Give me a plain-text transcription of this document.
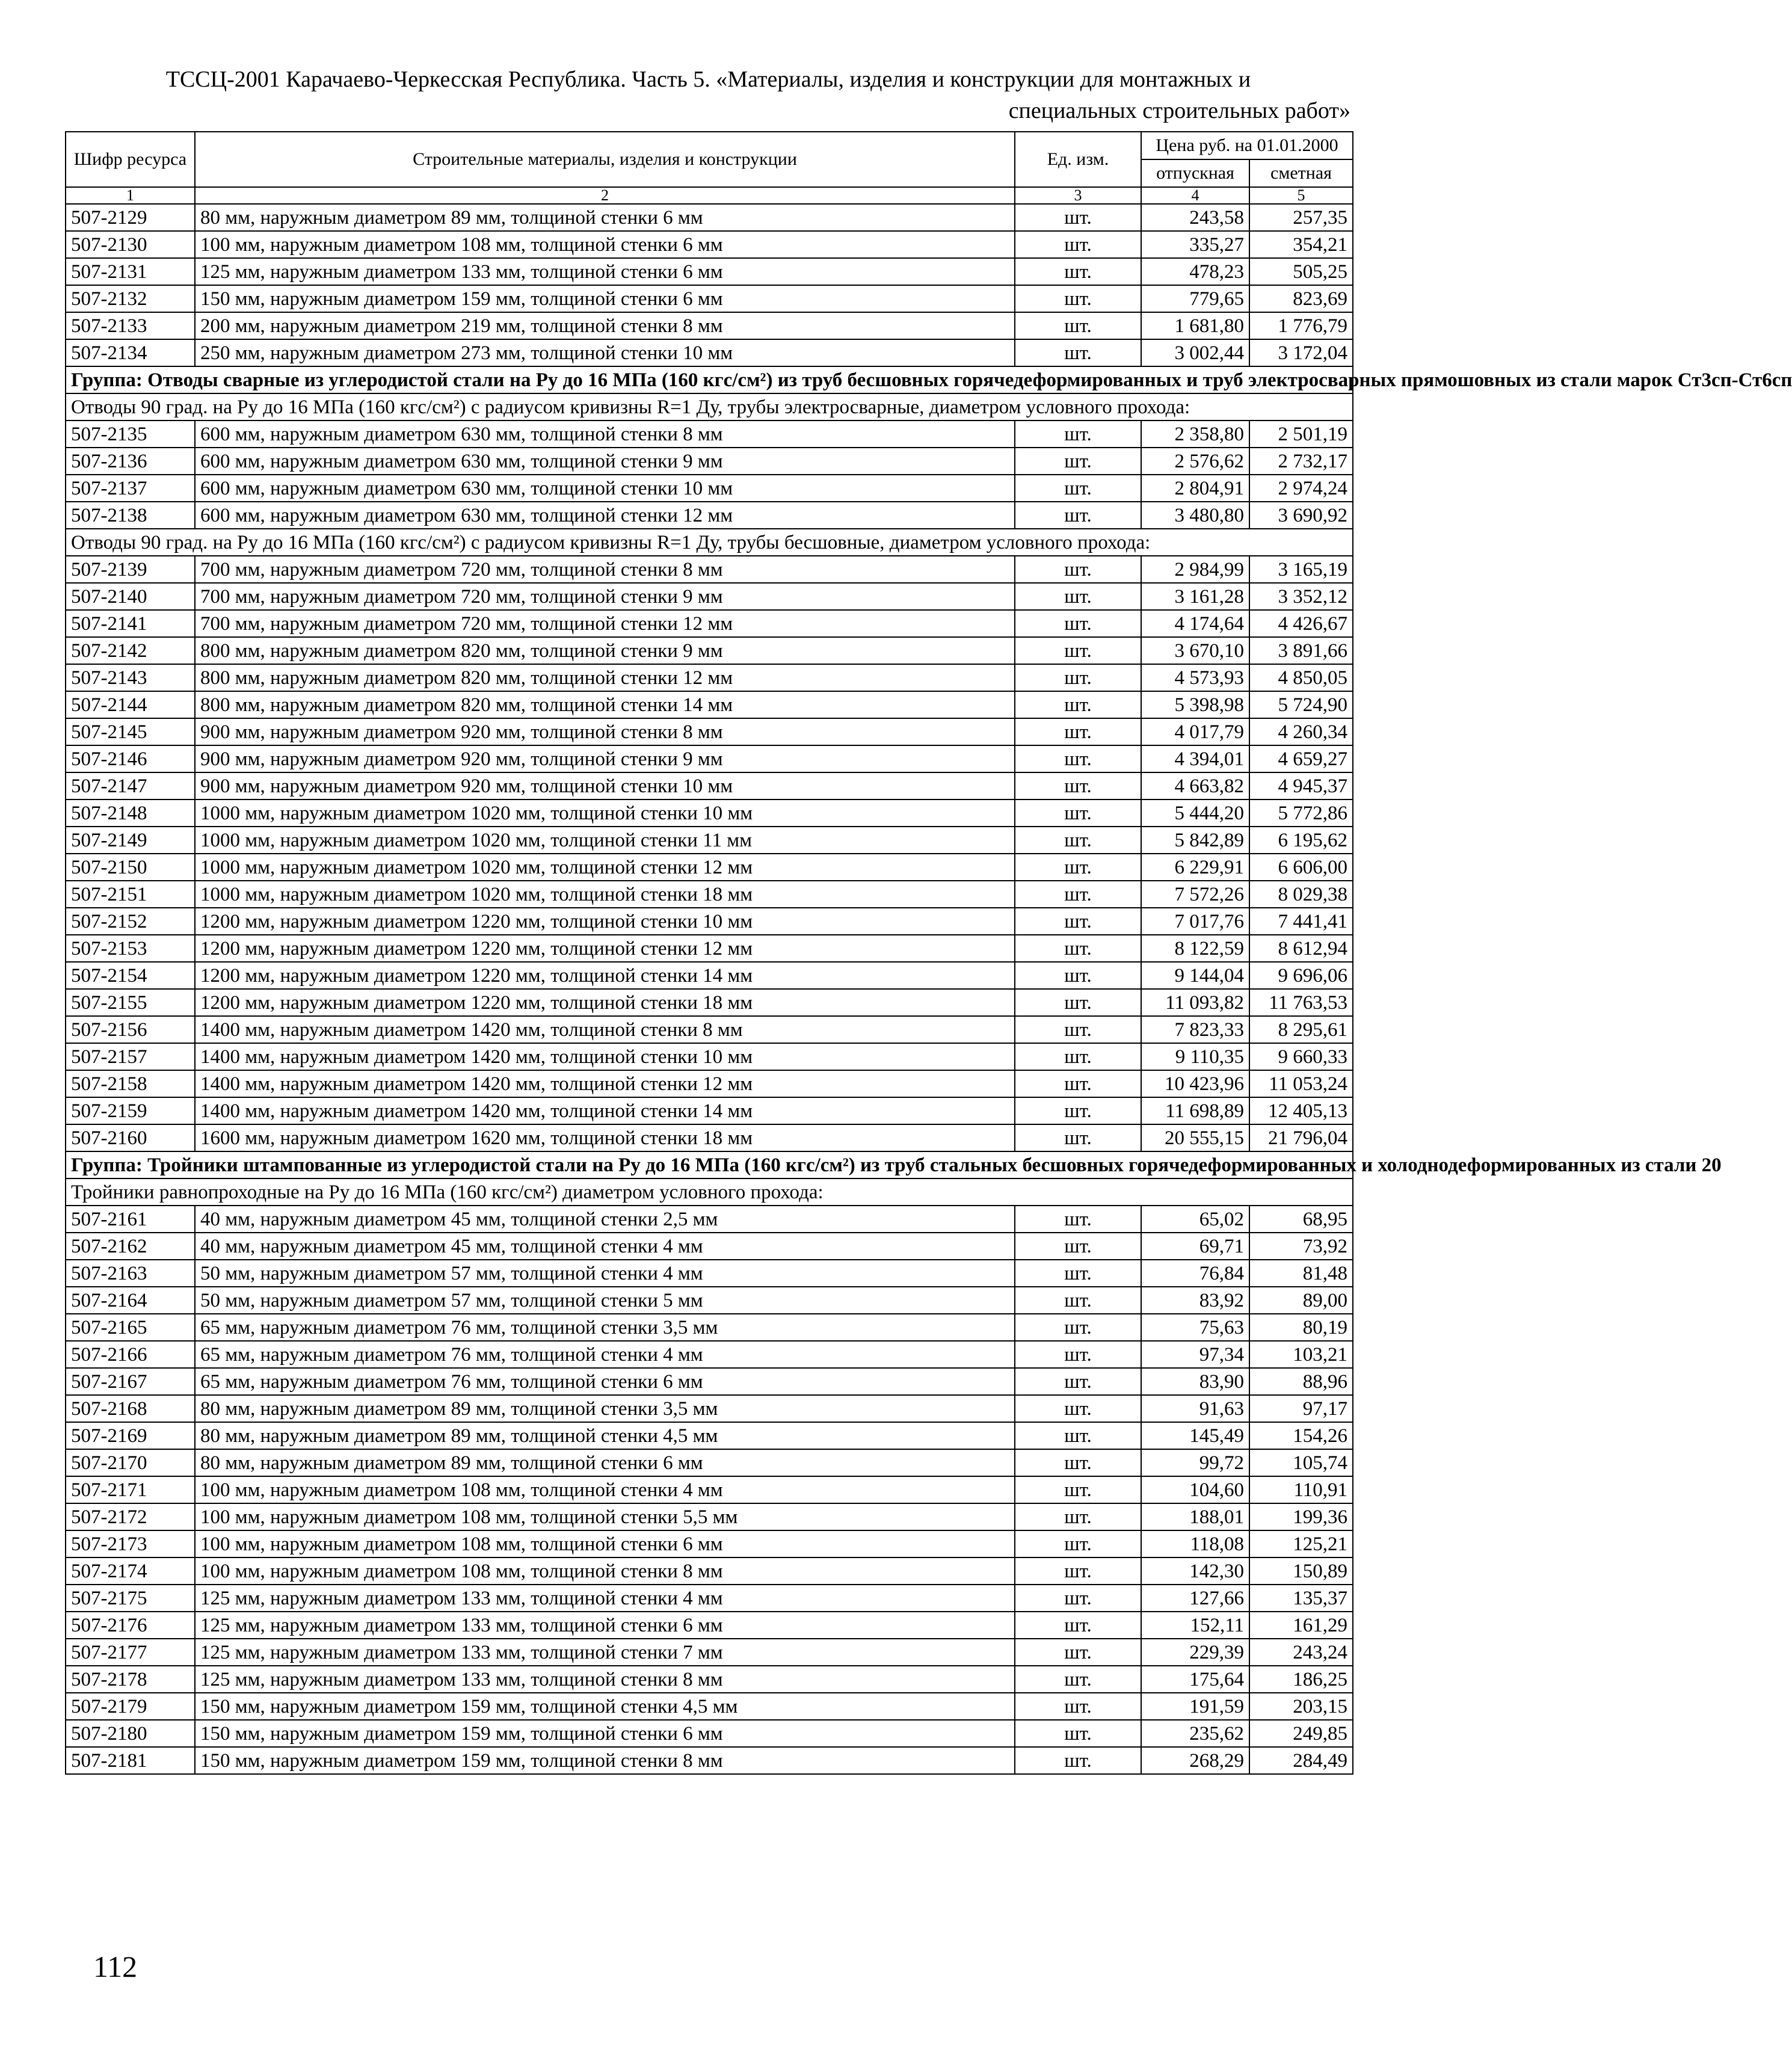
ТССЦ-2001 Карачаево-Черкесская Республика. Часть 5. «Материалы, изделия и конструкции для монтажных и
специальных строительных работ»
Шифр ресурса	Строительные материалы, изделия и конструкции	Ед. изм.	Цена руб. на 01.01.2000	
			отпускная	сметная
1	2	3	4	5
507-2129	80 мм, наружным диаметром 89 мм, толщиной стенки 6 мм	шт.	243,58	257,35
507-2130	100 мм, наружным диаметром 108 мм, толщиной стенки 6 мм	шт.	335,27	354,21
507-2131	125 мм, наружным диаметром 133 мм, толщиной стенки 6 мм	шт.	478,23	505,25
507-2132	150 мм, наружным диаметром 159 мм, толщиной стенки 6 мм	шт.	779,65	823,69
507-2133	200 мм, наружным диаметром 219 мм, толщиной стенки 8 мм	шт.	1 681,80	1 776,79
507-2134	250 мм, наружным диаметром 273 мм, толщиной стенки 10 мм	шт.	3 002,44	3 172,04
Группа: Отводы сварные из углеродистой стали на Ру до 16 МПа (160 кгс/см²) из труб бесшовных горячедеформированных и труб электросварных прямошовных из стали марок Ст3сп-Ст6сп				
Отводы 90 град. на Ру до 16 МПа (160 кгс/см²) с радиусом кривизны R=1 Ду, трубы электросварные, диаметром условного прохода:				
507-2135	600 мм, наружным диаметром 630 мм, толщиной стенки 8 мм	шт.	2 358,80	2 501,19
507-2136	600 мм, наружным диаметром 630 мм, толщиной стенки 9 мм	шт.	2 576,62	2 732,17
507-2137	600 мм, наружным диаметром 630 мм, толщиной стенки 10 мм	шт.	2 804,91	2 974,24
507-2138	600 мм, наружным диаметром 630 мм, толщиной стенки 12 мм	шт.	3 480,80	3 690,92
Отводы 90 град. на Ру до 16 МПа (160 кгс/см²) с радиусом кривизны R=1 Ду, трубы бесшовные, диаметром условного прохода:				
507-2139	700 мм, наружным диаметром 720 мм, толщиной стенки 8 мм	шт.	2 984,99	3 165,19
507-2140	700 мм, наружным диаметром 720 мм, толщиной стенки 9 мм	шт.	3 161,28	3 352,12
507-2141	700 мм, наружным диаметром 720 мм, толщиной стенки 12 мм	шт.	4 174,64	4 426,67
507-2142	800 мм, наружным диаметром 820 мм, толщиной стенки 9 мм	шт.	3 670,10	3 891,66
507-2143	800 мм, наружным диаметром 820 мм, толщиной стенки 12 мм	шт.	4 573,93	4 850,05
507-2144	800 мм, наружным диаметром 820 мм, толщиной стенки 14 мм	шт.	5 398,98	5 724,90
507-2145	900 мм, наружным диаметром 920 мм, толщиной стенки 8 мм	шт.	4 017,79	4 260,34
507-2146	900 мм, наружным диаметром 920 мм, толщиной стенки 9 мм	шт.	4 394,01	4 659,27
507-2147	900 мм, наружным диаметром 920 мм, толщиной стенки 10 мм	шт.	4 663,82	4 945,37
507-2148	1000 мм, наружным диаметром 1020 мм, толщиной стенки 10 мм	шт.	5 444,20	5 772,86
507-2149	1000 мм, наружным диаметром 1020 мм, толщиной стенки 11 мм	шт.	5 842,89	6 195,62
507-2150	1000 мм, наружным диаметром 1020 мм, толщиной стенки 12 мм	шт.	6 229,91	6 606,00
507-2151	1000 мм, наружным диаметром 1020 мм, толщиной стенки 18 мм	шт.	7 572,26	8 029,38
507-2152	1200 мм, наружным диаметром 1220 мм, толщиной стенки 10 мм	шт.	7 017,76	7 441,41
507-2153	1200 мм, наружным диаметром 1220 мм, толщиной стенки 12 мм	шт.	8 122,59	8 612,94
507-2154	1200 мм, наружным диаметром 1220 мм, толщиной стенки 14 мм	шт.	9 144,04	9 696,06
507-2155	1200 мм, наружным диаметром 1220 мм, толщиной стенки 18 мм	шт.	11 093,82	11 763,53
507-2156	1400 мм, наружным диаметром 1420 мм, толщиной стенки 8 мм	шт.	7 823,33	8 295,61
507-2157	1400 мм, наружным диаметром 1420 мм, толщиной стенки 10 мм	шт.	9 110,35	9 660,33
507-2158	1400 мм, наружным диаметром 1420 мм, толщиной стенки 12 мм	шт.	10 423,96	11 053,24
507-2159	1400 мм, наружным диаметром 1420 мм, толщиной стенки 14 мм	шт.	11 698,89	12 405,13
507-2160	1600 мм, наружным диаметром 1620 мм, толщиной стенки 18 мм	шт.	20 555,15	21 796,04
Группа: Тройники штампованные из углеродистой стали на Ру до 16 МПа (160 кгс/см²) из труб стальных бесшовных горячедеформированных и холоднодеформированных из стали 20				
Тройники равнопроходные на Ру до 16 МПа (160 кгс/см²) диаметром условного прохода:				
507-2161	40 мм, наружным диаметром 45 мм, толщиной стенки 2,5 мм	шт.	65,02	68,95
507-2162	40 мм, наружным диаметром 45 мм, толщиной стенки 4 мм	шт.	69,71	73,92
507-2163	50 мм, наружным диаметром 57 мм, толщиной стенки 4 мм	шт.	76,84	81,48
507-2164	50 мм, наружным диаметром 57 мм, толщиной стенки 5 мм	шт.	83,92	89,00
507-2165	65 мм, наружным диаметром 76 мм, толщиной стенки 3,5 мм	шт.	75,63	80,19
507-2166	65 мм, наружным диаметром 76 мм, толщиной стенки 4 мм	шт.	97,34	103,21
507-2167	65 мм, наружным диаметром 76 мм, толщиной стенки 6 мм	шт.	83,90	88,96
507-2168	80 мм, наружным диаметром 89 мм, толщиной стенки 3,5 мм	шт.	91,63	97,17
507-2169	80 мм, наружным диаметром 89 мм, толщиной стенки 4,5 мм	шт.	145,49	154,26
507-2170	80 мм, наружным диаметром 89 мм, толщиной стенки 6 мм	шт.	99,72	105,74
507-2171	100 мм, наружным диаметром 108 мм, толщиной стенки 4 мм	шт.	104,60	110,91
507-2172	100 мм, наружным диаметром 108 мм, толщиной стенки 5,5 мм	шт.	188,01	199,36
507-2173	100 мм, наружным диаметром 108 мм, толщиной стенки 6 мм	шт.	118,08	125,21
507-2174	100 мм, наружным диаметром 108 мм, толщиной стенки 8 мм	шт.	142,30	150,89
507-2175	125 мм, наружным диаметром 133 мм, толщиной стенки 4 мм	шт.	127,66	135,37
507-2176	125 мм, наружным диаметром 133 мм, толщиной стенки 6 мм	шт.	152,11	161,29
507-2177	125 мм, наружным диаметром 133 мм, толщиной стенки 7 мм	шт.	229,39	243,24
507-2178	125 мм, наружным диаметром 133 мм, толщиной стенки 8 мм	шт.	175,64	186,25
507-2179	150 мм, наружным диаметром 159 мм, толщиной стенки 4,5 мм	шт.	191,59	203,15
507-2180	150 мм, наружным диаметром 159 мм, толщиной стенки 6 мм	шт.	235,62	249,85
507-2181	150 мм, наружным диаметром 159 мм, толщиной стенки 8 мм	шт.	268,29	284,49
112
